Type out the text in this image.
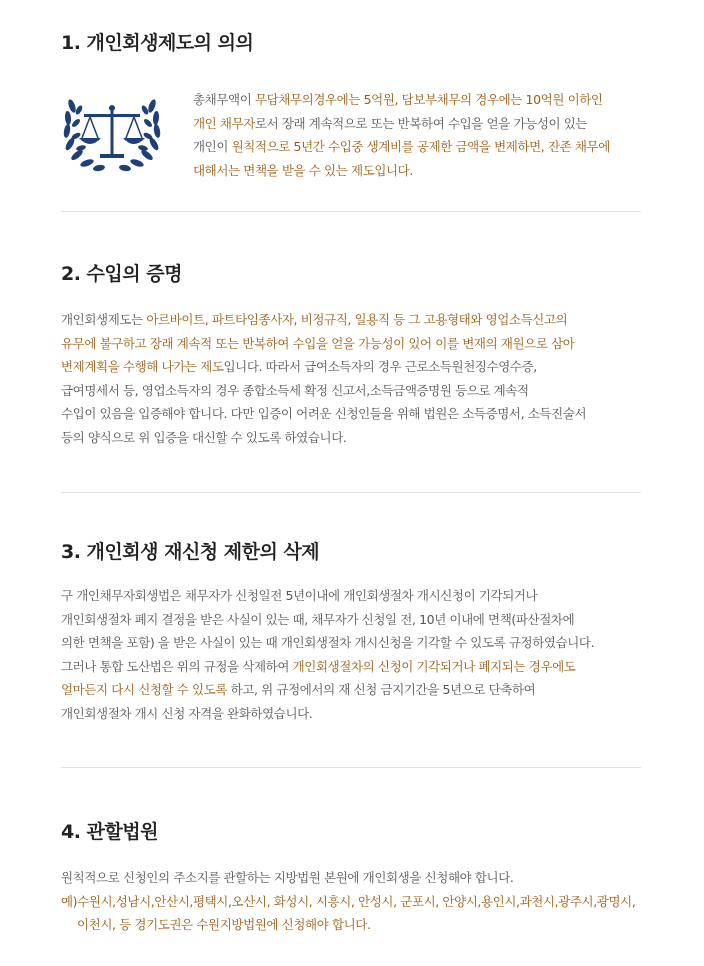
1. 개인회생제도의 의의
총채무액이 무담채무의경우에는 5억원, 담보부채무의 경우에는 10억원 이하인
개인 채무자로서 장래 계속적으로 또는 반복하여 수입을 얻을 가능성이 있는
개인이 원칙적으로 5년간 수입중 생계비를 공제한 금액을 변제하면, 잔존 채무에
대해서는 면책을 받을 수 있는 제도입니다.
2. 수입의 증명
개인회생제도는 아르바이트, 파트타임종사자, 비정규직, 일용직 등 그 고용형태와 영업소득신고의
유무에 불구하고 장래 계속적 또는 반복하여 수입을 얻을 가능성이 있어 이를 변재의 재원으로 삼아
변제계획을 수행해 나가는 제도입니다. 따라서 급여소득자의 경우 근로소득원천징수영수증,
급여명세서 등, 영업소득자의 경우 종합소득세 확정 신고서,소득금액증명원 등으로 계속적
수입이 있음을 입증해야 합니다. 다만 입증이 어려운 신청인들을 위해 법원은 소득증명서, 소득진술서
등의 양식으로 위 입증을 대신할 수 있도록 하였습니다.
3. 개인회생 재신청 제한의 삭제
구 개인채무자회생법은 채무자가 신청일전 5년이내에 개인회생절차 개시신청이 기각되거나
개인회생절차 폐지 결정을 받은 사실이 있는 때, 채무자가 신청일 전, 10년 이내에 면책(파산절차에
의한 면책을 포함) 을 받은 사실이 있는 때 개인회생절차 개시신청을 기각할 수 있도록 규정하였습니다.
그러나 통합 도산법은 위의 규정을 삭제하여 개인회생절차의 신청이 기각되거나 폐지되는 경우에도
얼마든지 다시 신청할 수 있도록 하고, 위 규정에서의 재 신청 금지기간을 5년으로 단축하여
개인회생절차 개시 신청 자격을 완화하였습니다.
4. 관할법원
원칙적으로 신청인의 주소지를 관할하는 지방법원 본원에 개인회생을 신청해야 합니다.
예)수원시,성남시,안산시,평택시,오산시, 화성시, 시흥시, 안성시, 군포시, 안양시,용인시,과천시,광주시,광명시,
이천시, 등 경기도권은 수원지방법원에 신청해야 합니다.
